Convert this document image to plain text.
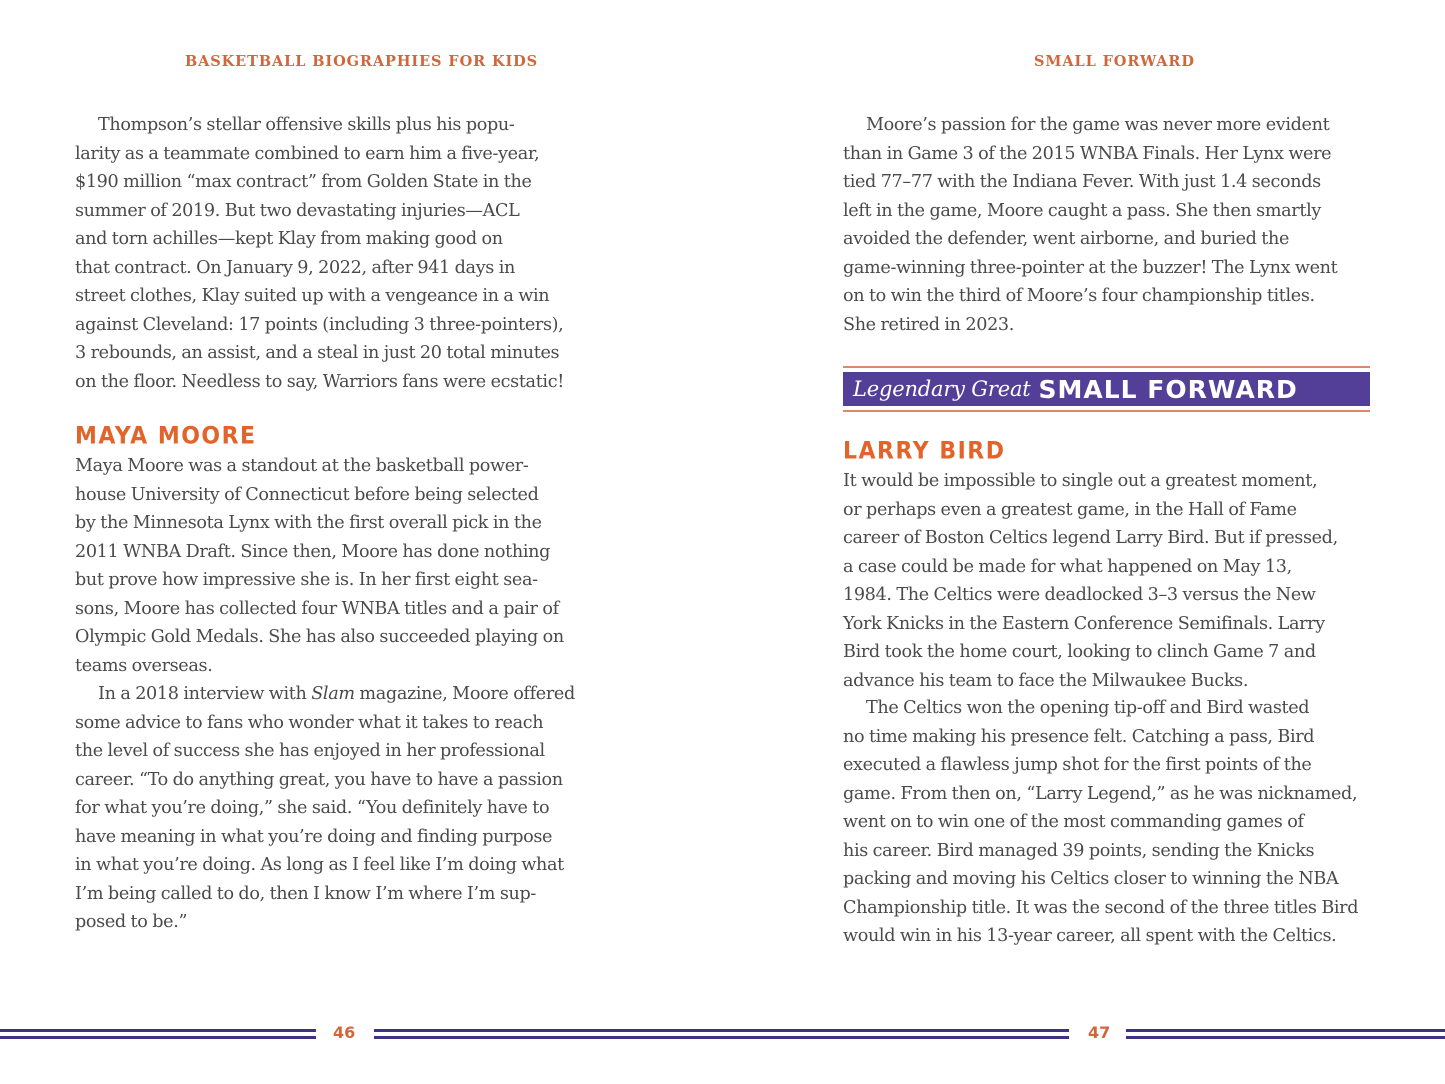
BASKETBALL BIOGRAPHIES FOR KIDS
Thompson’s stellar offensive skills plus his popu-
larity as a teammate combined to earn him a five-year,
$190 million “max contract” from Golden State in the
summer of 2019. But two devastating injuries—ACL
and torn achilles—kept Klay from making good on
that contract. On January 9, 2022, after 941 days in
street clothes, Klay suited up with a vengeance in a win
against Cleveland: 17 points (including 3 three-pointers),
3 rebounds, an assist, and a steal in just 20 total minutes
on the floor. Needless to say, Warriors fans were ecstatic!
MAYA MOORE
Maya Moore was a standout at the basketball power-
house University of Connecticut before being selected
by the Minnesota Lynx with the first overall pick in the
2011 WNBA Draft. Since then, Moore has done nothing
but prove how impressive she is. In her first eight sea-
sons, Moore has collected four WNBA titles and a pair of
Olympic Gold Medals. She has also succeeded playing on
teams overseas.
In a 2018 interview with Slam magazine, Moore offered
some advice to fans who wonder what it takes to reach
the level of success she has enjoyed in her professional
career. “To do anything great, you have to have a passion
for what you’re doing,” she said. “You definitely have to
have meaning in what you’re doing and finding purpose
in what you’re doing. As long as I feel like I’m doing what
I’m being called to do, then I know I’m where I’m sup-
posed to be.”
46
SMALL FORWARD
Moore’s passion for the game was never more evident
than in Game 3 of the 2015 WNBA Finals. Her Lynx were
tied 77–77 with the Indiana Fever. With just 1.4 seconds
left in the game, Moore caught a pass. She then smartly
avoided the defender, went airborne, and buried the
game-winning three-pointer at the buzzer! The Lynx went
on to win the third of Moore’s four championship titles.
She retired in 2023.
Legendary Great SMALL FORWARD
LARRY BIRD
It would be impossible to single out a greatest moment,
or perhaps even a greatest game, in the Hall of Fame
career of Boston Celtics legend Larry Bird. But if pressed,
a case could be made for what happened on May 13,
1984. The Celtics were deadlocked 3–3 versus the New
York Knicks in the Eastern Conference Semifinals. Larry
Bird took the home court, looking to clinch Game 7 and
advance his team to face the Milwaukee Bucks.
The Celtics won the opening tip-off and Bird wasted
no time making his presence felt. Catching a pass, Bird
executed a flawless jump shot for the first points of the
game. From then on, “Larry Legend,” as he was nicknamed,
went on to win one of the most commanding games of
his career. Bird managed 39 points, sending the Knicks
packing and moving his Celtics closer to winning the NBA
Championship title. It was the second of the three titles Bird
would win in his 13-year career, all spent with the Celtics.
47
